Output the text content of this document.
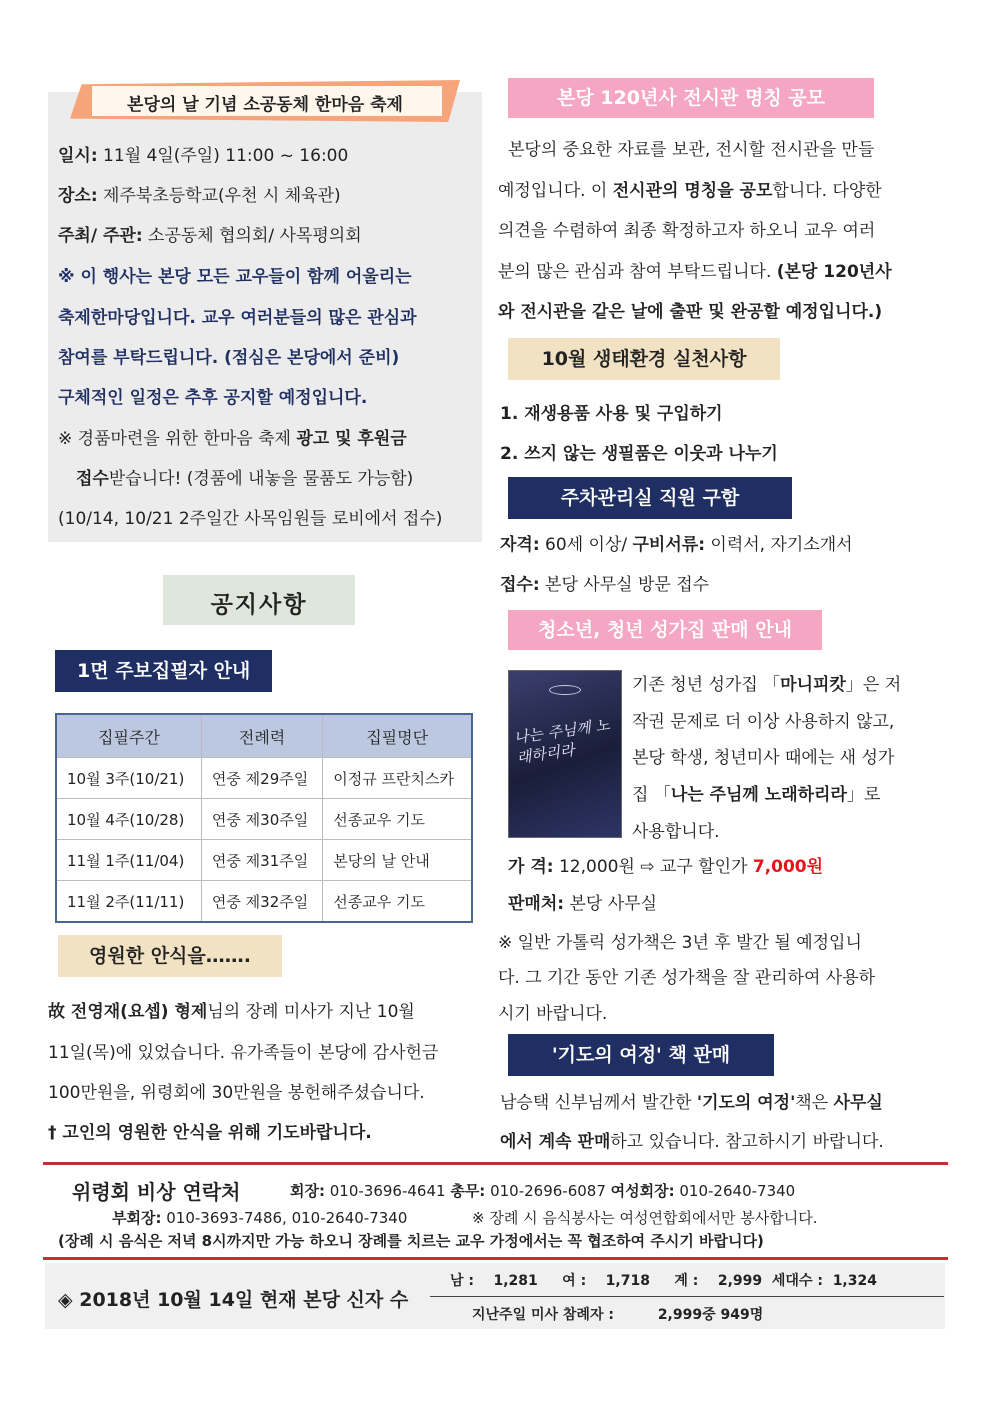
본당의 날 기념 소공동체 한마음 축제
일시: 11월 4일(주일) 11:00 ~ 16:00
장소: 제주북초등학교(우천 시 체육관)
주최/ 주관: 소공동체 협의회/ 사목평의회
※ 이 행사는 본당 모든 교우들이 함께 어울리는
축제한마당입니다. 교우 여러분들의 많은 관심과
참여를 부탁드립니다. (점심은 본당에서 준비)
구체적인 일정은 추후 공지할 예정입니다.
※ 경품마련을 위한 한마음 축제 광고 및 후원금
접수받습니다! (경품에 내놓을 물품도 가능함)
(10/14, 10/21 2주일간 사목임원들 로비에서 접수)
공지사항
1면 주보집필자 안내
집필주간	전례력	집필명단
10월 3주(10/21)	연중 제29주일	이정규 프란치스카
10월 4주(10/28)	연중 제30주일	선종교우 기도
11월 1주(11/04)	연중 제31주일	본당의 날 안내
11월 2주(11/11)	연중 제32주일	선종교우 기도
영원한 안식을…….
故 전영재(요셉) 형제님의 장례 미사가 지난 10월
11일(목)에 있었습니다. 유가족들이 본당에 감사헌금
100만원을, 위령회에 30만원을 봉헌해주셨습니다.
† 고인의 영원한 안식을 위해 기도바랍니다.
본당 120년사 전시관 명칭 공모
본당의 중요한 자료를 보관, 전시할 전시관을 만들
예정입니다. 이 전시관의 명칭을 공모합니다. 다양한
의견을 수렴하여 최종 확정하고자 하오니 교우 여러
분의 많은 관심과 참여 부탁드립니다. (본당 120년사
와 전시관을 같은 날에 출판 및 완공할 예정입니다.)
10월 생태환경 실천사항
1. 재생용품 사용 및 구입하기
2. 쓰지 않는 생필품은 이웃과 나누기
주차관리실 직원 구함
자격: 60세 이상/ 구비서류: 이력서, 자기소개서
접수: 본당 사무실 방문 접수
청소년, 청년 성가집 판매 안내
나는 주님께 노래하리라
기존 청년 성가집 「마니피캇」은 저
작권 문제로 더 이상 사용하지 않고,
본당 학생, 청년미사 때에는 새 성가
집 「나는 주님께 노래하리라」로
사용합니다.
가 격: 12,000원 ⇨ 교구 할인가 7,000원
판매처: 본당 사무실
※ 일반 가톨릭 성가책은 3년 후 발간 될 예정입니
다. 그 기간 동안 기존 성가책을 잘 관리하여 사용하
시기 바랍니다.
'기도의 여정' 책 판매
남승택 신부님께서 발간한 '기도의 여정'책은 사무실
에서 계속 판매하고 있습니다. 참고하시기 바랍니다.
위령회 비상 연락처	회장: 010-3696-4641 총무: 010-2696-6087 여성회장: 010-2640-7340
부회장: 010-3693-7486, 010-2640-7340	※ 장례 시 음식봉사는 여성연합회에서만 봉사합니다.
(장례 시 음식은 저녁 8시까지만 가능 하오니 장례를 치르는 교우 가정에서는 꼭 협조하여 주시기 바랍니다)
◈ 2018년 10월 14일 현재 본당 신자 수
남 : 1,281 여 : 1,718 계 : 2,999 세대수 : 1,324
지난주일 미사 참례자 :	2,999중 949명
